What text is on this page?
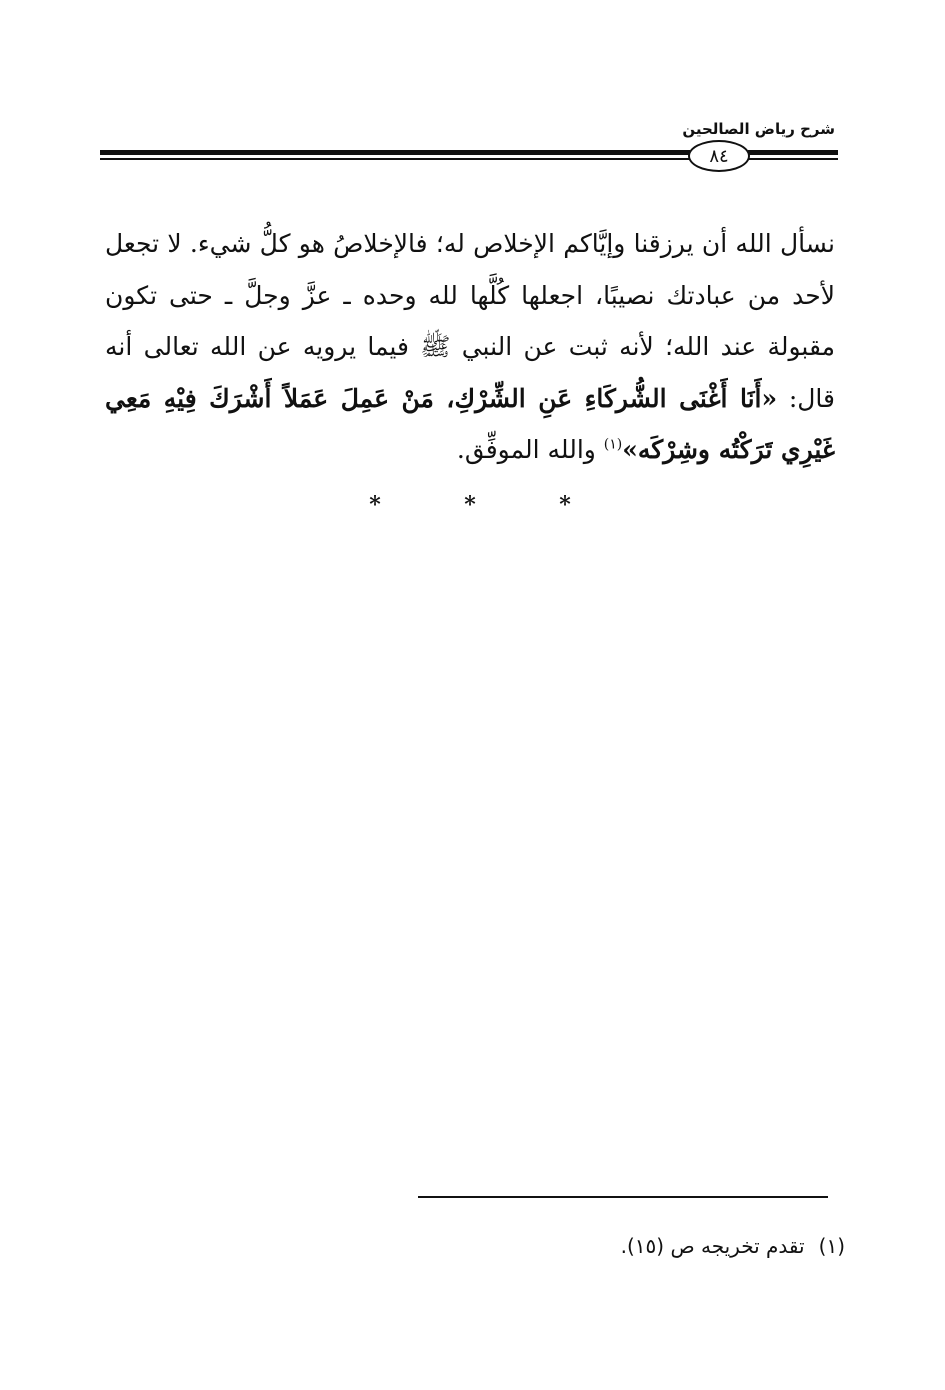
شرح رياض الصالحين
٨٤
نسأل الله أن يرزقنا وإيَّاكم الإخلاص له؛ فالإخلاصُ هو كلُّ شيء. لا تجعل لأحد من عبادتك نصيبًا، اجعلها كُلَّها لله وحده ـ عزَّ وجلَّ ـ حتى تكون مقبولة عند الله؛ لأنه ثبت عن النبي ﷺ فيما يرويه عن الله تعالى أنه قال: «أَنَا أَغْنَى الشُّركَاءِ عَنِ الشِّرْكِ، مَنْ عَمِلَ عَمَلاً أَشْرَكَ فِيْهِ مَعِي غَيْرِي تَرَكْتُه وشِرْكَه»$^{(١)}$ والله الموفِّق.
*	*	*
(١)تقدم تخريجه ص (١٥).
